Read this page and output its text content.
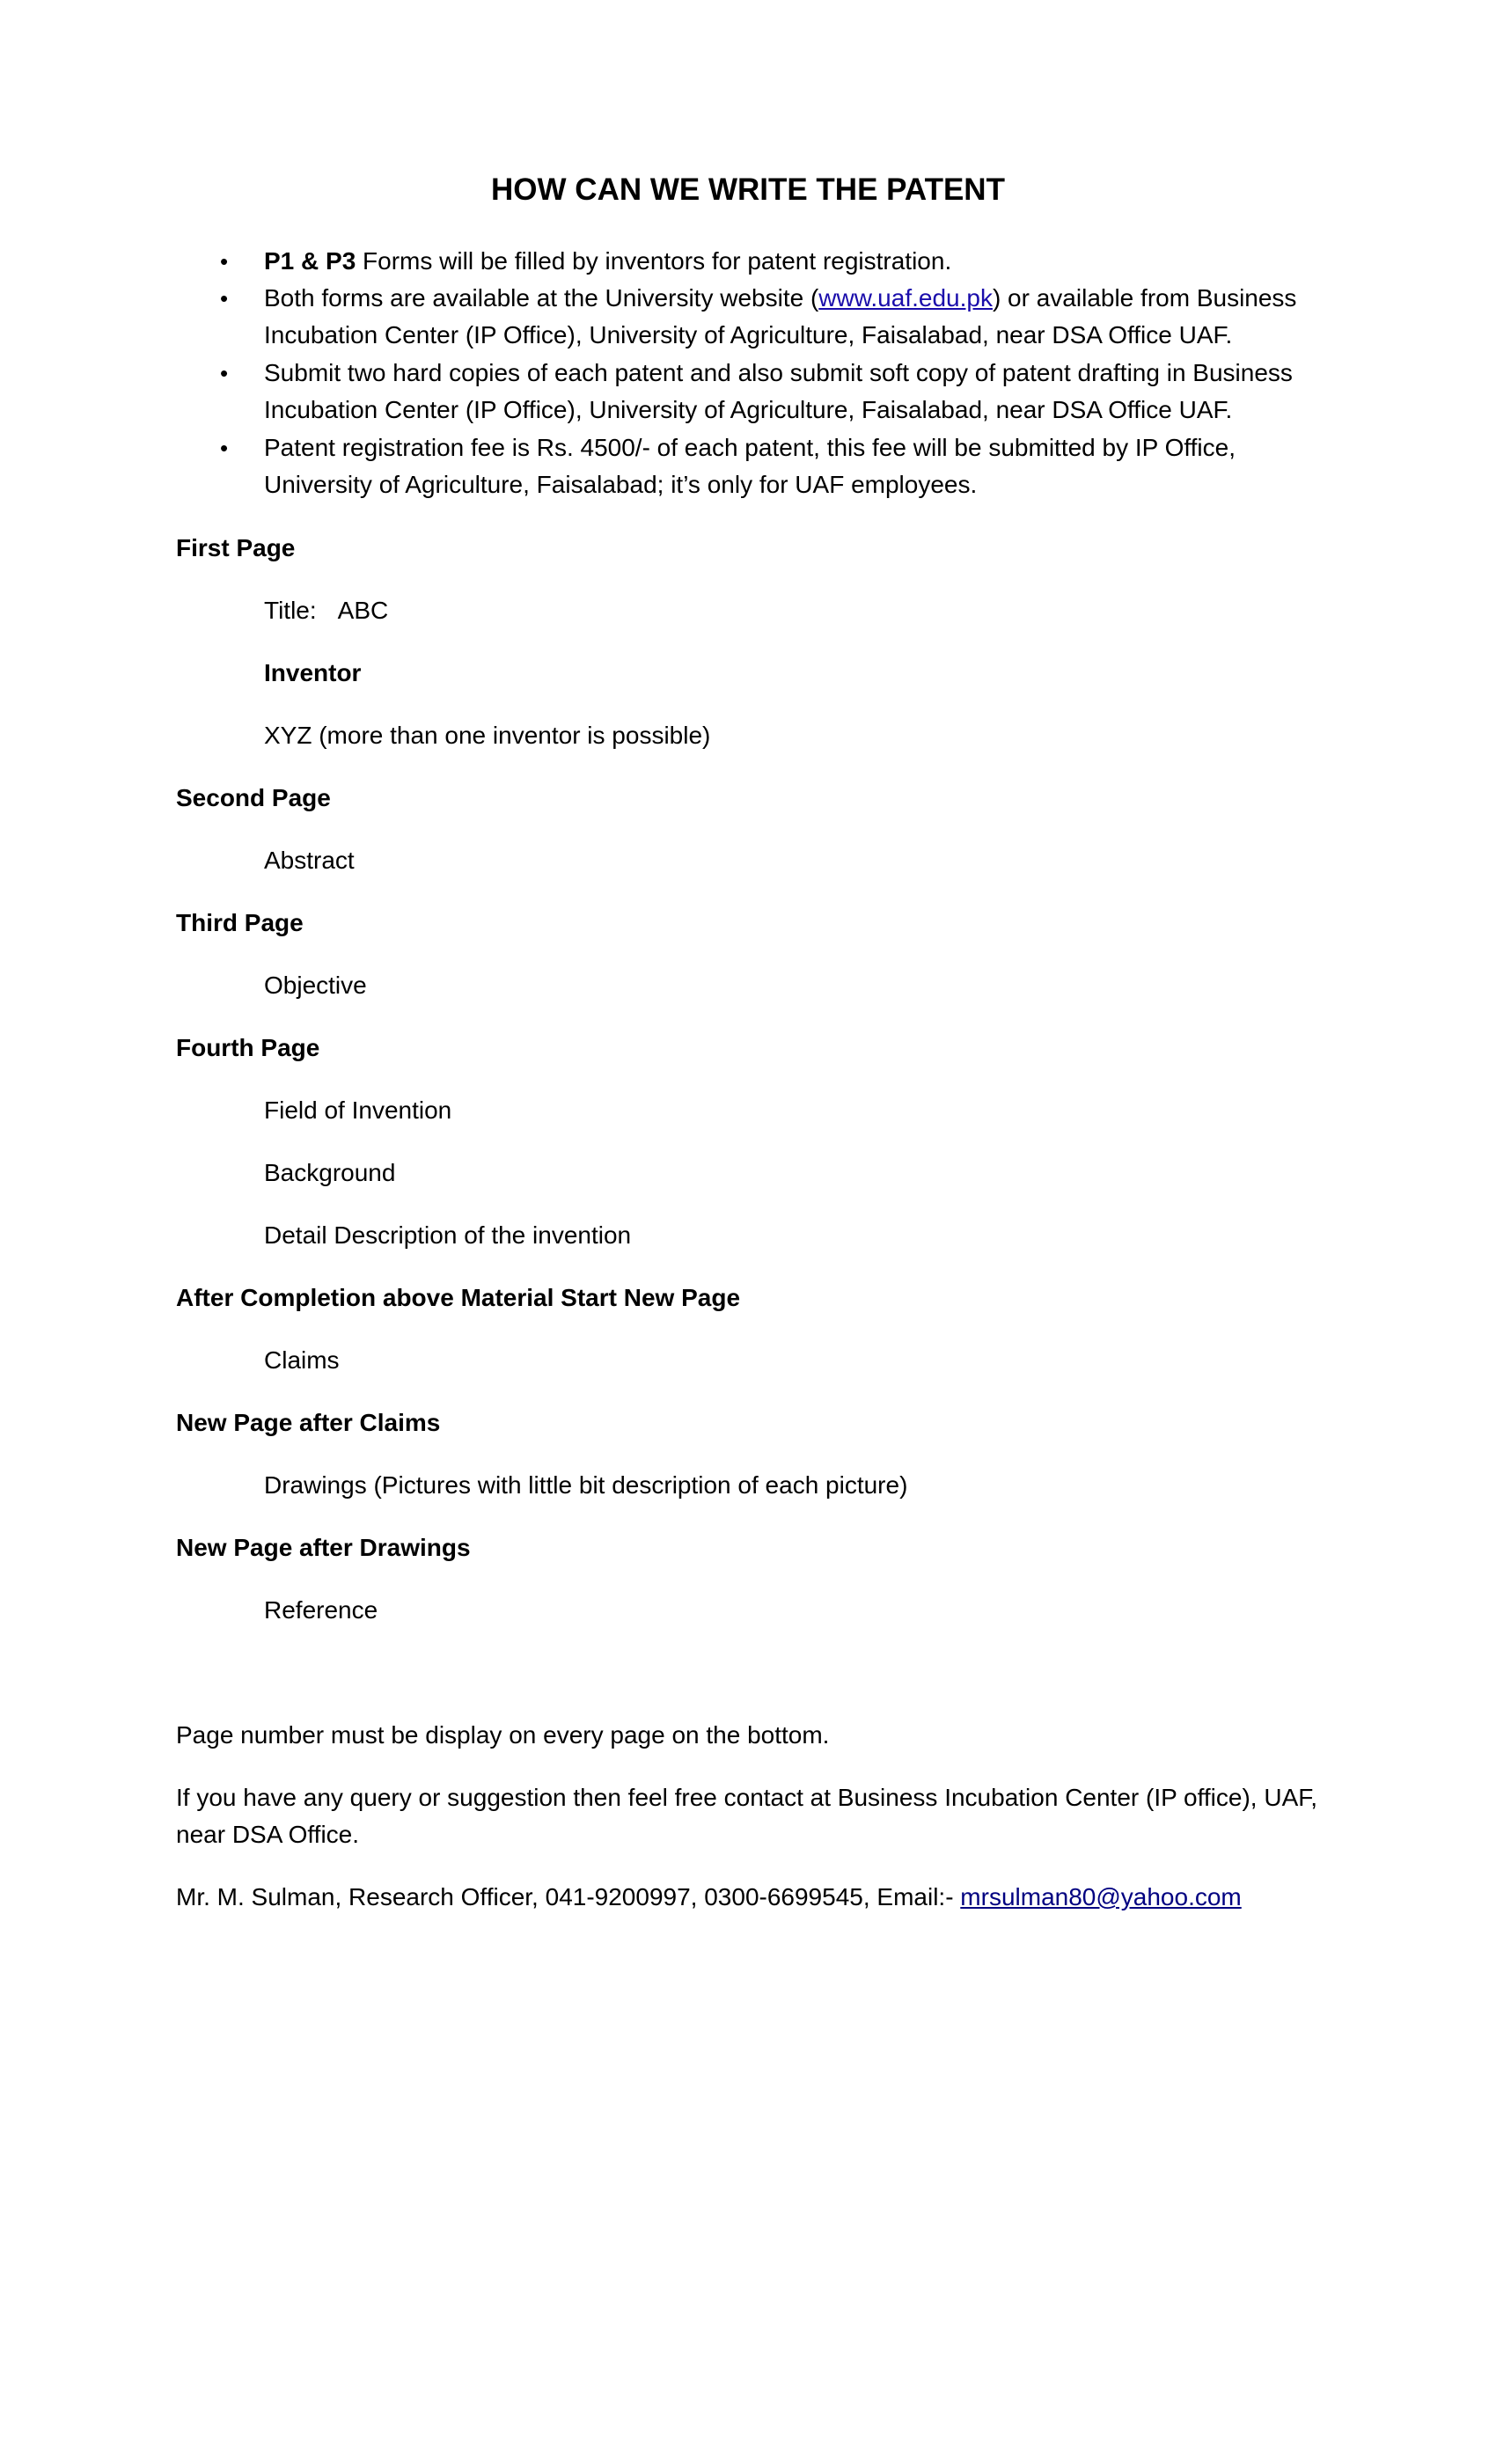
HOW CAN WE WRITE THE PATENT
• P1 & P3 Forms will be filled by inventors for patent registration.

• Both forms are available at the University website (www.uaf.edu.pk) or available from Business

Incubation Center (IP Office), University of Agriculture, Faisalabad, near DSA Office UAF.

• Submit two hard copies of each patent and also submit soft copy of patent drafting in Business

Incubation Center (IP Office), University of Agriculture, Faisalabad, near DSA Office UAF.

• Patent registration fee is Rs. 4500/- of each patent, this fee will be submitted by IP Office,

University of Agriculture, Faisalabad; it’s only for UAF employees.

First Page

Title: ABC

Inventor

XYZ (more than one inventor is possible)

Second Page

Abstract

Third Page

Objective

Fourth Page

Field of Invention

Background

Detail Description of the invention

After Completion above Material Start New Page

Claims

New Page after Claims

Drawings (Pictures with little bit description of each picture)

New Page after Drawings

Reference

Page number must be display on every page on the bottom.

If you have any query or suggestion then feel free contact at Business Incubation Center (IP office), UAF,

near DSA Office.

Mr. M. Sulman, Research Officer, 041-9200997, 0300-6699545, Email:- mrsulman80@yahoo.com
